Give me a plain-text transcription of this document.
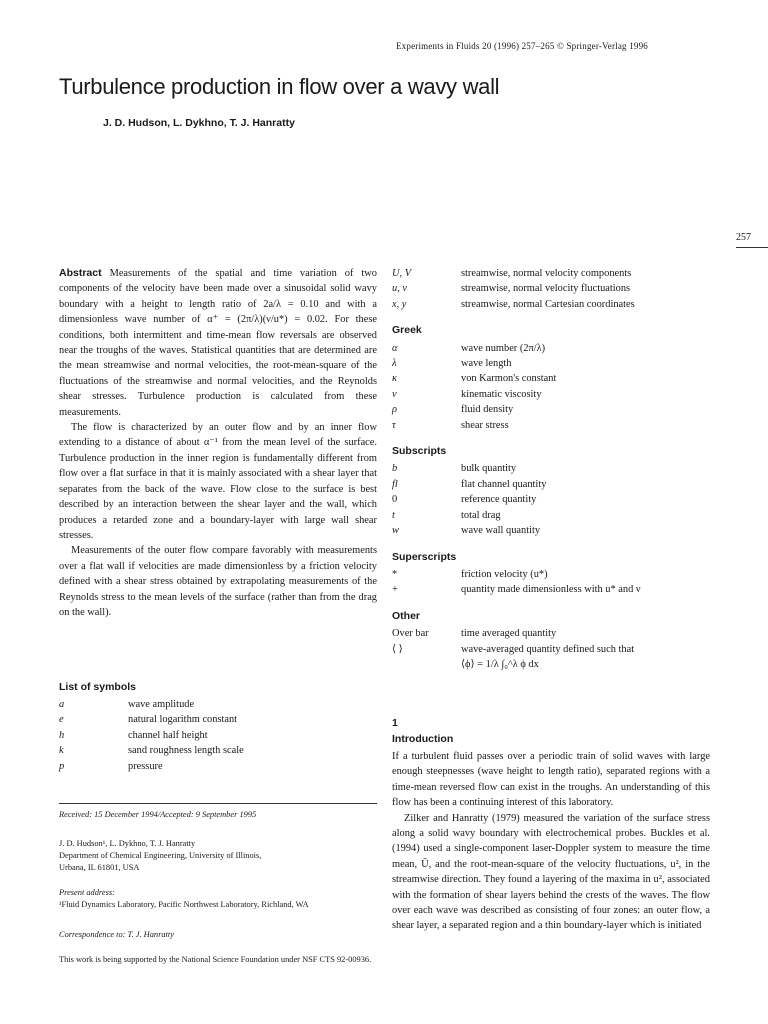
Experiments in Fluids 20 (1996) 257–265 © Springer-Verlag 1996
Turbulence production in flow over a wavy wall
J. D. Hudson, L. Dykhno, T. J. Hanratty
257

Abstract Measurements of the spatial and time variation of two components of the velocity have been made over a sinusoidal solid wavy boundary with a height to length ratio of 2a/λ = 0.10 and with a dimensionless wave number of α⁺ = (2π/λ)(ν/u*) = 0.02. For these conditions, both intermittent and time-mean flow reversals are observed near the troughs of the waves. Statistical quantities that are determined are the mean streamwise and normal velocities, the root-mean-square of the fluctuations of the streamwise and normal velocities, and the Reynolds shear stresses. Turbulence production is calculated from these measurements.

The flow is characterized by an outer flow and by an inner flow extending to a distance of about α⁻¹ from the mean level of the surface. Turbulence production in the inner region is fundamentally different from flow over a flat surface in that it is mainly associated with a shear layer that separates from the back of the wave. Flow close to the surface is best described by an interaction between the shear layer and the wall, which produces a retarded zone and a boundary-layer with large wall shear stresses.

Measurements of the outer flow compare favorably with measurements over a flat wall if velocities are made dimensionless by a friction velocity defined with a shear stress obtained by extrapolating measurements of the Reynolds stress to the mean levels of the surface (rather than from the drag on the wall).

List of symbols
a	wave amplitude
e	natural logarithm constant
h	channel half height
k	sand roughness length scale
p	pressure
Received: 15 December 1994/Accepted: 9 September 1995
J. D. Hudson¹, L. Dykhno, T. J. Hanratty
Department of Chemical Engineering, University of Illinois,
Urbana, IL 61801, USA
Present address:
¹Fluid Dynamics Laboratory, Pacific Northwest Laboratory, Richland, WA
Correspondence to: T. J. Hanratty
This work is being supported by the National Science Foundation under NSF CTS 92-00936.
U, V	streamwise, normal velocity components
u, v	streamwise, normal velocity fluctuations
x, y	streamwise, normal Cartesian coordinates
Greek
α	wave number (2π/λ)
λ	wave length
κ	von Karmon's constant
ν	kinematic viscosity
ρ	fluid density
τ	shear stress
Subscripts
b	bulk quantity
fl	flat channel quantity
0	reference quantity
t	total drag
w	wave wall quantity
Superscripts
*	friction velocity (u*)
+	quantity made dimensionless with u* and ν
Other
Over bar	time averaged quantity
⟨ ⟩	wave-averaged quantity defined such that
⟨ϕ⟩ = 1/λ ∫₀^λ ϕ dx
1
Introduction

If a turbulent fluid passes over a periodic train of solid waves with large enough steepnesses (wave height to length ratio), separated regions with a time-mean reversed flow can exist in the troughs. An understanding of this flow has been a continuing interest of this laboratory.

Zilker and Hanratty (1979) measured the variation of the surface stress along a solid wavy boundary with electrochemical probes. Buckles et al. (1994) used a single-component laser-Doppler system to measure the time mean, Ū, and the root-mean-square of the velocity fluctuations, u², in the streamwise direction. They found a layering of the maxima in u², associated with the formation of shear layers behind the crests of the waves. The flow over each wave was described as consisting of four zones: an outer flow, a shear layer, a separated region and a thin boundary-layer which is initiated
